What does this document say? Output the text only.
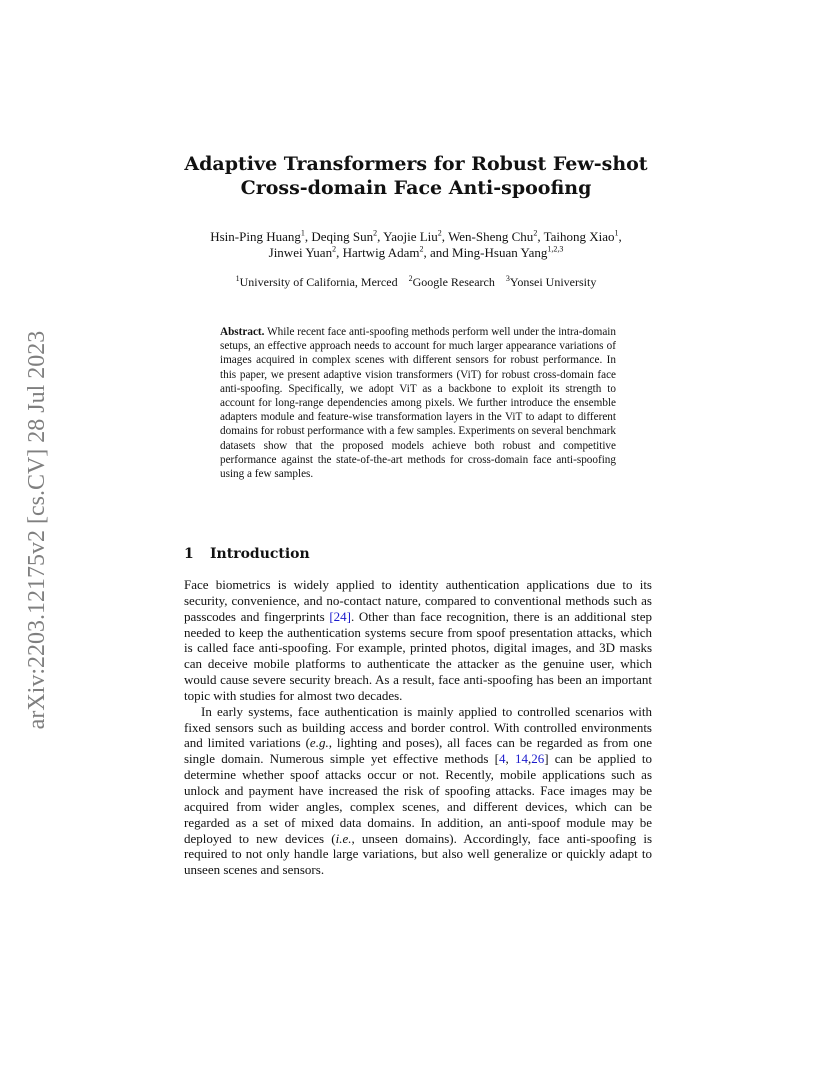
arXiv:2203.12175v2 [cs.CV] 28 Jul 2023
Adaptive Transformers for Robust Few-shot
Cross-domain Face Anti-spoofing
Hsin-Ping Huang$^1$, Deqing Sun$^2$, Yaojie Liu$^2$, Wen-Sheng Chu$^2$, Taihong Xiao$^1$,
Jinwei Yuan$^2$, Hartwig Adam$^2$, and Ming-Hsuan Yang$^{1,2,3}$
$^1$University of California, Merced $^2$Google Research $^3$Yonsei University

Abstract. While recent face anti-spoofing methods perform well under the intra-domain setups, an effective approach needs to account for much larger appearance variations of images acquired in complex scenes with different sensors for robust performance. In this paper, we present adaptive vision transformers (ViT) for robust cross-domain face anti-spoofing. Specifically, we adopt ViT as a backbone to exploit its strength to account for long-range dependencies among pixels. We further introduce the ensemble adapters module and feature-wise transformation layers in the ViT to adapt to different domains for robust performance with a few samples. Experiments on several benchmark datasets show that the proposed models achieve both robust and competitive performance against the state-of-the-art methods for cross-domain face anti-spoofing using a few samples.

1 Introduction

Face biometrics is widely applied to identity authentication applications due to its security, convenience, and no-contact nature, compared to conventional methods such as passcodes and fingerprints [24]. Other than face recognition, there is an additional step needed to keep the authentication systems secure from spoof presentation attacks, which is called face anti-spoofing. For example, printed photos, digital images, and 3D masks can deceive mobile platforms to authenticate the attacker as the genuine user, which would cause severe security breach. As a result, face anti-spoofing has been an important topic with studies for almost two decades.

In early systems, face authentication is mainly applied to controlled scenarios with fixed sensors such as building access and border control. With controlled environments and limited variations (e.g., lighting and poses), all faces can be regarded as from one single domain. Numerous simple yet effective methods [4, 14,26] can be applied to determine whether spoof attacks occur or not. Recently, mobile applications such as unlock and payment have increased the risk of spoofing attacks. Face images may be acquired from wider angles, complex scenes, and different devices, which can be regarded as a set of mixed data domains. In addition, an anti-spoof module may be deployed to new devices (i.e., unseen domains). Accordingly, face anti-spoofing is required to not only handle large variations, but also well generalize or quickly adapt to unseen scenes and sensors.
